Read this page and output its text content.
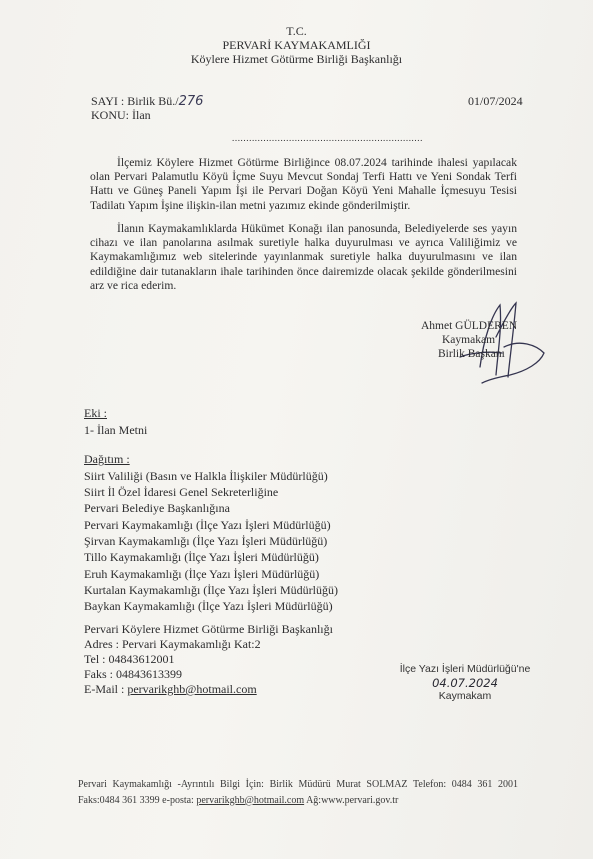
T.C.
PERVARİ KAYMAKAMLIĞI
Köylere Hizmet Götürme Birliği Başkanlığı
SAYI : Birlik Bü./276	01/07/2024
KONU: İlan
...................................................................
İlçemiz Köylere Hizmet Götürme Birliğince 08.07.2024 tarihinde ihalesi yapılacak olan Pervari Palamutlu Köyü İçme Suyu Mevcut Sondaj Terfi Hattı ve Yeni Sondak Terfi Hattı ve Güneş Paneli Yapım İşi ile Pervari Doğan Köyü Yeni Mahalle İçmesuyu Tesisi Tadilatı Yapım İşine ilişkin-ilan metni yazımız ekinde gönderilmiştir.
İlanın Kaymakamlıklarda Hükümet Konağı ilan panosunda, Belediyelerde ses yayın cihazı ve ilan panolarına asılmak suretiyle halka duyurulması ve ayrıca Valiliğimiz ve Kaymakamlığımız web sitelerinde yayınlanmak suretiyle halka duyurulmasını ve ilan edildiğine dair tutanakların ihale tarihinden önce dairemizde olacak şekilde gönderilmesini arz ve rica ederim.
Ahmet GÜLDEREN
Kaymakam
Birlik Başkanı
Eki :
1- İlan Metni
Dağıtım :
Siirt Valiliği (Basın ve Halkla İlişkiler Müdürlüğü)
Siirt İl Özel İdaresi Genel Sekreterliğine
Pervari Belediye Başkanlığına
Pervari Kaymakamlığı (İlçe Yazı İşleri Müdürlüğü)
Şirvan Kaymakamlığı (İlçe Yazı İşleri Müdürlüğü)
Tillo Kaymakamlığı (İlçe Yazı İşleri Müdürlüğü)
Eruh Kaymakamlığı (İlçe Yazı İşleri Müdürlüğü)
Kurtalan Kaymakamlığı (İlçe Yazı İşleri Müdürlüğü)
Baykan Kaymakamlığı (İlçe Yazı İşleri Müdürlüğü)
Pervari Köylere Hizmet Götürme Birliği Başkanlığı
Adres : Pervari Kaymakamlığı Kat:2
Tel : 04843612001
Faks : 04843613399
E-Mail : pervarikghb@hotmail.com
İlçe Yazı İşleri Müdürlüğü'ne
04.07.2024
Kaymakam
Pervari Kaymakamlığı -Ayrıntılı Bilgi İçin: Birlik Müdürü Murat SOLMAZ Telefon: 0484 361 2001 Faks:0484 361 3399 e-posta: pervarikghb@hotmail.com Ağ:www.pervari.gov.tr
